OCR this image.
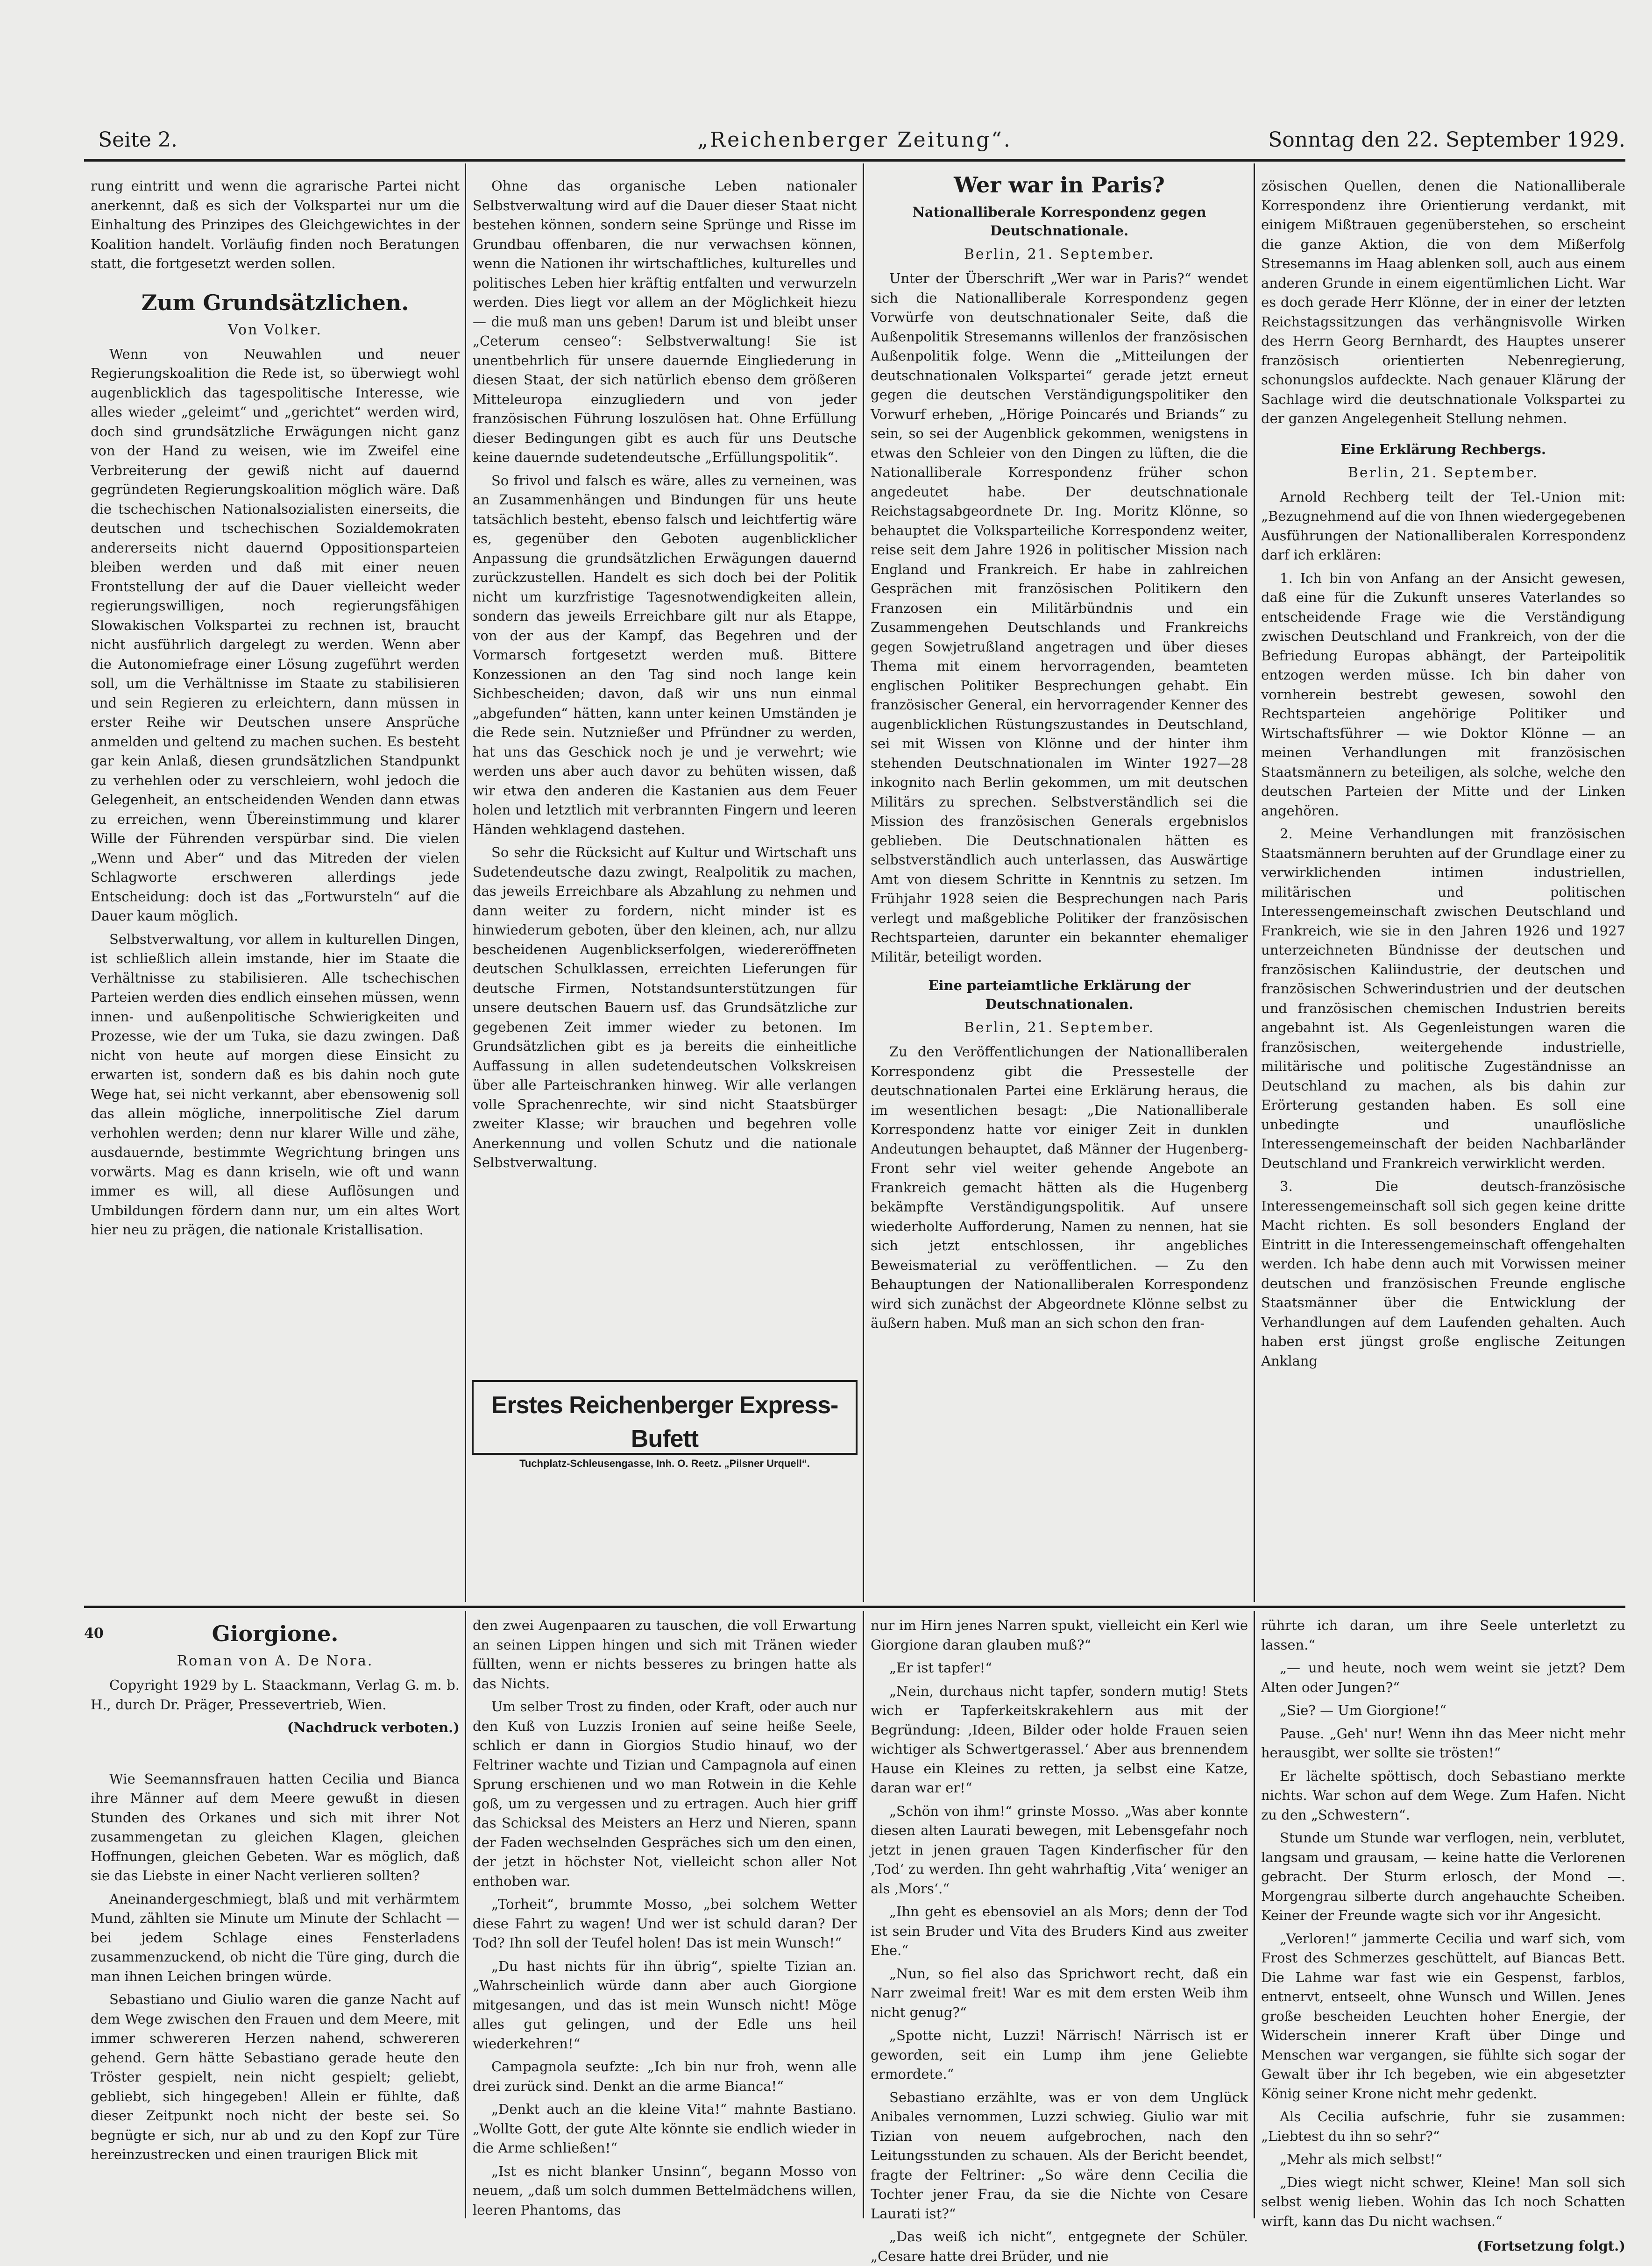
Seite 2.	„Reichenberger Zeitung“.	Sonntag den 22. September 1929.

rung eintritt und wenn die agrarische Partei nicht anerkennt, daß es sich der Volkspartei nur um die Einhaltung des Prinzipes des Gleichgewichtes in der Koalition handelt. Vorläufig finden noch Beratungen statt, die fortgesetzt werden sollen.

Zum Grundsätzlichen.
Von Volker.

Wenn von Neuwahlen und neuer Regierungskoalition die Rede ist, so überwiegt wohl augenblicklich das tagespolitische Interesse, wie alles wieder „geleimt“ und „gerichtet“ werden wird, doch sind grundsätzliche Erwägungen nicht ganz von der Hand zu weisen, wie im Zweifel eine Verbreiterung der gewiß nicht auf dauernd gegründeten Regierungskoalition möglich wäre. Daß die tschechischen Nationalsozialisten einerseits, die deutschen und tschechischen Sozialdemokraten andererseits nicht dauernd Oppositionsparteien bleiben werden und daß mit einer neuen Frontstellung der auf die Dauer vielleicht weder regierungswilligen, noch regierungsfähigen Slowakischen Volkspartei zu rechnen ist, braucht nicht ausführlich dargelegt zu werden. Wenn aber die Autonomiefrage einer Lösung zugeführt werden soll, um die Verhältnisse im Staate zu stabilisieren und sein Regieren zu erleichtern, dann müssen in erster Reihe wir Deutschen unsere Ansprüche anmelden und geltend zu machen suchen. Es besteht gar kein Anlaß, diesen grundsätzlichen Standpunkt zu verhehlen oder zu verschleiern, wohl jedoch die Gelegenheit, an entscheidenden Wenden dann etwas zu erreichen, wenn Übereinstimmung und klarer Wille der Führenden verspürbar sind. Die vielen „Wenn und Aber“ und das Mitreden der vielen Schlagworte erschweren allerdings jede Entscheidung: doch ist das „Fortwursteln“ auf die Dauer kaum möglich.

Selbstverwaltung, vor allem in kulturellen Dingen, ist schließlich allein imstande, hier im Staate die Verhältnisse zu stabilisieren. Alle tschechischen Parteien werden dies endlich einsehen müssen, wenn innen- und außenpolitische Schwierigkeiten und Prozesse, wie der um Tuka, sie dazu zwingen. Daß nicht von heute auf morgen diese Einsicht zu erwarten ist, sondern daß es bis dahin noch gute Wege hat, sei nicht verkannt, aber ebensowenig soll das allein mögliche, innerpolitische Ziel darum verhohlen werden; denn nur klarer Wille und zähe, ausdauernde, bestimmte Wegrichtung bringen uns vorwärts. Mag es dann kriseln, wie oft und wann immer es will, all diese Auflösungen und Umbildungen fördern dann nur, um ein altes Wort hier neu zu prägen, die nationale Kristallisation.

Ohne das organische Leben nationaler Selbstverwaltung wird auf die Dauer dieser Staat nicht bestehen können, sondern seine Sprünge und Risse im Grundbau offenbaren, die nur verwachsen können, wenn die Nationen ihr wirtschaftliches, kulturelles und politisches Leben hier kräftig entfalten und verwurzeln werden. Dies liegt vor allem an der Möglichkeit hiezu — die muß man uns geben! Darum ist und bleibt unser „Ceterum censeo“: Selbstverwaltung! Sie ist unentbehrlich für unsere dauernde Eingliederung in diesen Staat, der sich natürlich ebenso dem größeren Mitteleuropa einzugliedern und von jeder französischen Führung loszulösen hat. Ohne Erfüllung dieser Bedingungen gibt es auch für uns Deutsche keine dauernde sudetendeutsche „Erfüllungspolitik“.

So frivol und falsch es wäre, alles zu verneinen, was an Zusammenhängen und Bindungen für uns heute tatsächlich besteht, ebenso falsch und leichtfertig wäre es, gegenüber den Geboten augenblicklicher Anpassung die grundsätzlichen Erwägungen dauernd zurückzustellen. Handelt es sich doch bei der Politik nicht um kurzfristige Tagesnotwendigkeiten allein, sondern das jeweils Erreichbare gilt nur als Etappe, von der aus der Kampf, das Begehren und der Vormarsch fortgesetzt werden muß. Bittere Konzessionen an den Tag sind noch lange kein Sichbescheiden; davon, daß wir uns nun einmal „abgefunden“ hätten, kann unter keinen Umständen je die Rede sein. Nutznießer und Pfründner zu werden, hat uns das Geschick noch je und je verwehrt; wie werden uns aber auch davor zu behüten wissen, daß wir etwa den anderen die Kastanien aus dem Feuer holen und letztlich mit verbrannten Fingern und leeren Händen wehklagend dastehen.

So sehr die Rücksicht auf Kultur und Wirtschaft uns Sudetendeutsche dazu zwingt, Realpolitik zu machen, das jeweils Erreichbare als Abzahlung zu nehmen und dann weiter zu fordern, nicht minder ist es hinwiederum geboten, über den kleinen, ach, nur allzu bescheidenen Augenblickserfolgen, wiedereröffneten deutschen Schulklassen, erreichten Lieferungen für deutsche Firmen, Notstandsunterstützungen für unsere deutschen Bauern usf. das Grundsätzliche zur gegebenen Zeit immer wieder zu betonen. Im Grundsätzlichen gibt es ja bereits die einheitliche Auffassung in allen sudetendeutschen Volkskreisen über alle Parteischranken hinweg. Wir alle verlangen volle Sprachenrechte, wir sind nicht Staatsbürger zweiter Klasse; wir brauchen und begehren volle Anerkennung und vollen Schutz und die nationale Selbstverwaltung.

Erstes Reichenberger Express-Bufett
Tuchplatz-Schleusengasse, Inh. O. Reetz. „Pilsner Urquell“.
Wer war in Paris?
Nationalliberale Korrespondenz gegen Deutschnationale.
Berlin, 21. September.

Unter der Überschrift „Wer war in Paris?“ wendet sich die Nationalliberale Korrespondenz gegen Vorwürfe von deutschnationaler Seite, daß die Außenpolitik Stresemanns willenlos der französischen Außenpolitik folge. Wenn die „Mitteilungen der deutschnationalen Volkspartei“ gerade jetzt erneut gegen die deutschen Verständigungspolitiker den Vorwurf erheben, „Hörige Poincarés und Briands“ zu sein, so sei der Augenblick gekommen, wenigstens in etwas den Schleier von den Dingen zu lüften, die die Nationalliberale Korrespondenz früher schon angedeutet habe. Der deutschnationale Reichstagsabgeordnete Dr. Ing. Moritz Klönne, so behauptet die Volksparteiliche Korrespondenz weiter, reise seit dem Jahre 1926 in politischer Mission nach England und Frankreich. Er habe in zahlreichen Gesprächen mit französischen Politikern den Franzosen ein Militärbündnis und ein Zusammengehen Deutschlands und Frankreichs gegen Sowjetrußland angetragen und über dieses Thema mit einem hervorragenden, beamteten englischen Politiker Besprechungen gehabt. Ein französischer General, ein hervorragender Kenner des augenblicklichen Rüstungszustandes in Deutschland, sei mit Wissen von Klönne und der hinter ihm stehenden Deutschnationalen im Winter 1927—28 inkognito nach Berlin gekommen, um mit deutschen Militärs zu sprechen. Selbstverständlich sei die Mission des französischen Generals ergebnislos geblieben. Die Deutschnationalen hätten es selbstverständlich auch unterlassen, das Auswärtige Amt von diesem Schritte in Kenntnis zu setzen. Im Frühjahr 1928 seien die Besprechungen nach Paris verlegt und maßgebliche Politiker der französischen Rechtsparteien, darunter ein bekannter ehemaliger Militär, beteiligt worden.

Eine parteiamtliche Erklärung der Deutschnationalen.
Berlin, 21. September.

Zu den Veröffentlichungen der Nationalliberalen Korrespondenz gibt die Pressestelle der deutschnationalen Partei eine Erklärung heraus, die im wesentlichen besagt: „Die Nationalliberale Korrespondenz hatte vor einiger Zeit in dunklen Andeutungen behauptet, daß Männer der Hugenberg-Front sehr viel weiter gehende Angebote an Frankreich gemacht hätten als die Hugenberg bekämpfte Verständigungspolitik. Auf unsere wiederholte Aufforderung, Namen zu nennen, hat sie sich jetzt entschlossen, ihr angebliches Beweismaterial zu veröffentlichen. — Zu den Behauptungen der Nationalliberalen Korrespondenz wird sich zunächst der Abgeordnete Klönne selbst zu äußern haben. Muß man an sich schon den fran-

zösischen Quellen, denen die Nationalliberale Korrespondenz ihre Orientierung verdankt, mit einigem Mißtrauen gegenüberstehen, so erscheint die ganze Aktion, die von dem Mißerfolg Stresemanns im Haag ablenken soll, auch aus einem anderen Grunde in einem eigentümlichen Licht. War es doch gerade Herr Klönne, der in einer der letzten Reichstagssitzungen das verhängnisvolle Wirken des Herrn Georg Bernhardt, des Hauptes unserer französisch orientierten Nebenregierung, schonungslos aufdeckte. Nach genauer Klärung der Sachlage wird die deutschnationale Volkspartei zu der ganzen Angelegenheit Stellung nehmen.

Eine Erklärung Rechbergs.
Berlin, 21. September.

Arnold Rechberg teilt der Tel.-Union mit: „Bezugnehmend auf die von Ihnen wiedergegebenen Ausführungen der Nationalliberalen Korrespondenz darf ich erklären:

1. Ich bin von Anfang an der Ansicht gewesen, daß eine für die Zukunft unseres Vaterlandes so entscheidende Frage wie die Verständigung zwischen Deutschland und Frankreich, von der die Befriedung Europas abhängt, der Parteipolitik entzogen werden müsse. Ich bin daher von vornherein bestrebt gewesen, sowohl den Rechtsparteien angehörige Politiker und Wirtschaftsführer — wie Doktor Klönne — an meinen Verhandlungen mit französischen Staatsmännern zu beteiligen, als solche, welche den deutschen Parteien der Mitte und der Linken angehören.

2. Meine Verhandlungen mit französischen Staatsmännern beruhten auf der Grundlage einer zu verwirklichenden intimen industriellen, militärischen und politischen Interessengemeinschaft zwischen Deutschland und Frankreich, wie sie in den Jahren 1926 und 1927 unterzeichneten Bündnisse der deutschen und französischen Kaliindustrie, der deutschen und französischen Schwerindustrien und der deutschen und französischen chemischen Industrien bereits angebahnt ist. Als Gegenleistungen waren die französischen, weitergehende industrielle, militärische und politische Zugeständnisse an Deutschland zu machen, als bis dahin zur Erörterung gestanden haben. Es soll eine unbedingte und unauflösliche Interessengemeinschaft der beiden Nachbarländer Deutschland und Frankreich verwirklicht werden.

3. Die deutsch-französische Interessengemeinschaft soll sich gegen keine dritte Macht richten. Es soll besonders England der Eintritt in die Interessengemeinschaft offengehalten werden. Ich habe denn auch mit Vorwissen meiner deutschen und französischen Freunde englische Staatsmänner über die Entwicklung der Verhandlungen auf dem Laufenden gehalten. Auch haben erst jüngst große englische Zeitungen Anklang

40	Giorgione.
Roman von A. De Nora.

Copyright 1929 by L. Staackmann, Verlag G. m. b. H., durch Dr. Präger, Pressevertrieb, Wien.

(Nachdruck verboten.)

Wie Seemannsfrauen hatten Cecilia und Bianca ihre Männer auf dem Meere gewußt in diesen Stunden des Orkanes und sich mit ihrer Not zusammengetan zu gleichen Klagen, gleichen Hoffnungen, gleichen Gebeten. War es möglich, daß sie das Liebste in einer Nacht verlieren sollten?

Aneinandergeschmiegt, blaß und mit verhärmtem Mund, zählten sie Minute um Minute der Schlacht — bei jedem Schlage eines Fensterladens zusammenzuckend, ob nicht die Türe ging, durch die man ihnen Leichen bringen würde.

Sebastiano und Giulio waren die ganze Nacht auf dem Wege zwischen den Frauen und dem Meere, mit immer schwereren Herzen nahend, schwereren gehend. Gern hätte Sebastiano gerade heute den Tröster gespielt, nein nicht gespielt; geliebt, gebliebt, sich hingegeben! Allein er fühlte, daß dieser Zeitpunkt noch nicht der beste sei. So begnügte er sich, nur ab und zu den Kopf zur Türe hereinzustrecken und einen traurigen Blick mit

den zwei Augenpaaren zu tauschen, die voll Erwartung an seinen Lippen hingen und sich mit Tränen wieder füllten, wenn er nichts besseres zu bringen hatte als das Nichts.

Um selber Trost zu finden, oder Kraft, oder auch nur den Kuß von Luzzis Ironien auf seine heiße Seele, schlich er dann in Giorgios Studio hinauf, wo der Feltriner wachte und Tizian und Campagnola auf einen Sprung erschienen und wo man Rotwein in die Kehle goß, um zu vergessen und zu ertragen. Auch hier griff das Schicksal des Meisters an Herz und Nieren, spann der Faden wechselnden Gespräches sich um den einen, der jetzt in höchster Not, vielleicht schon aller Not enthoben war.

„Torheit“, brummte Mosso, „bei solchem Wetter diese Fahrt zu wagen! Und wer ist schuld daran? Der Tod? Ihn soll der Teufel holen! Das ist mein Wunsch!“

„Du hast nichts für ihn übrig“, spielte Tizian an. „Wahrscheinlich würde dann aber auch Giorgione mitgesangen, und das ist mein Wunsch nicht! Möge alles gut gelingen, und der Edle uns heil wiederkehren!“

Campagnola seufzte: „Ich bin nur froh, wenn alle drei zurück sind. Denkt an die arme Bianca!“

„Denkt auch an die kleine Vita!“ mahnte Bastiano. „Wollte Gott, der gute Alte könnte sie endlich wieder in die Arme schließen!“

„Ist es nicht blanker Unsinn“, begann Mosso von neuem, „daß um solch dummen Bettelmädchens willen, leeren Phantoms, das

nur im Hirn jenes Narren spukt, vielleicht ein Kerl wie Giorgione daran glauben muß?“

„Er ist tapfer!“

„Nein, durchaus nicht tapfer, sondern mutig! Stets wich er Tapferkeitskrakehlern aus mit der Begründung: ‚Ideen, Bilder oder holde Frauen seien wichtiger als Schwertgerassel.‘ Aber aus brennendem Hause ein Kleines zu retten, ja selbst eine Katze, daran war er!“

„Schön von ihm!“ grinste Mosso. „Was aber konnte diesen alten Laurati bewegen, mit Lebensgefahr noch jetzt in jenen grauen Tagen Kinderfischer für den ‚Tod‘ zu werden. Ihn geht wahrhaftig ‚Vita‘ weniger an als ‚Mors‘.“

„Ihn geht es ebensoviel an als Mors; denn der Tod ist sein Bruder und Vita des Bruders Kind aus zweiter Ehe.“

„Nun, so fiel also das Sprichwort recht, daß ein Narr zweimal freit! War es mit dem ersten Weib ihm nicht genug?“

„Spotte nicht, Luzzi! Närrisch! Närrisch ist er geworden, seit ein Lump ihm jene Geliebte ermordete.“

Sebastiano erzählte, was er von dem Unglück Anibales vernommen, Luzzi schwieg. Giulio war mit Tizian von neuem aufgebrochen, nach den Leitungsstunden zu schauen. Als der Bericht beendet, fragte der Feltriner: „So wäre denn Cecilia die Tochter jener Frau, da sie die Nichte von Cesare Laurati ist?“

„Das weiß ich nicht“, entgegnete der Schüler. „Cesare hatte drei Brüder, und nie

rührte ich daran, um ihre Seele unterletzt zu lassen.“

„— und heute, noch wem weint sie jetzt? Dem Alten oder Jungen?“

„Sie? — Um Giorgione!“

Pause. „Geh' nur! Wenn ihn das Meer nicht mehr herausgibt, wer sollte sie trösten!“

Er lächelte spöttisch, doch Sebastiano merkte nichts. War schon auf dem Wege. Zum Hafen. Nicht zu den „Schwestern“.

Stunde um Stunde war verflogen, nein, verblutet, langsam und grausam, — keine hatte die Verlorenen gebracht. Der Sturm erlosch, der Mond —. Morgengrau silberte durch angehauchte Scheiben. Keiner der Freunde wagte sich vor ihr Angesicht.

„Verloren!“ jammerte Cecilia und warf sich, vom Frost des Schmerzes geschüttelt, auf Biancas Bett. Die Lahme war fast wie ein Gespenst, farblos, entnervt, entseelt, ohne Wunsch und Willen. Jenes große bescheiden Leuchten hoher Energie, der Widerschein innerer Kraft über Dinge und Menschen war vergangen, sie fühlte sich sogar der Gewalt über ihr Ich begeben, wie ein abgesetzter König seiner Krone nicht mehr gedenkt.

Als Cecilia aufschrie, fuhr sie zusammen: „Liebtest du ihn so sehr?“

„Mehr als mich selbst!“

„Dies wiegt nicht schwer, Kleine! Man soll sich selbst wenig lieben. Wohin das Ich noch Schatten wirft, kann das Du nicht wachsen.“

(Fortsetzung folgt.)
